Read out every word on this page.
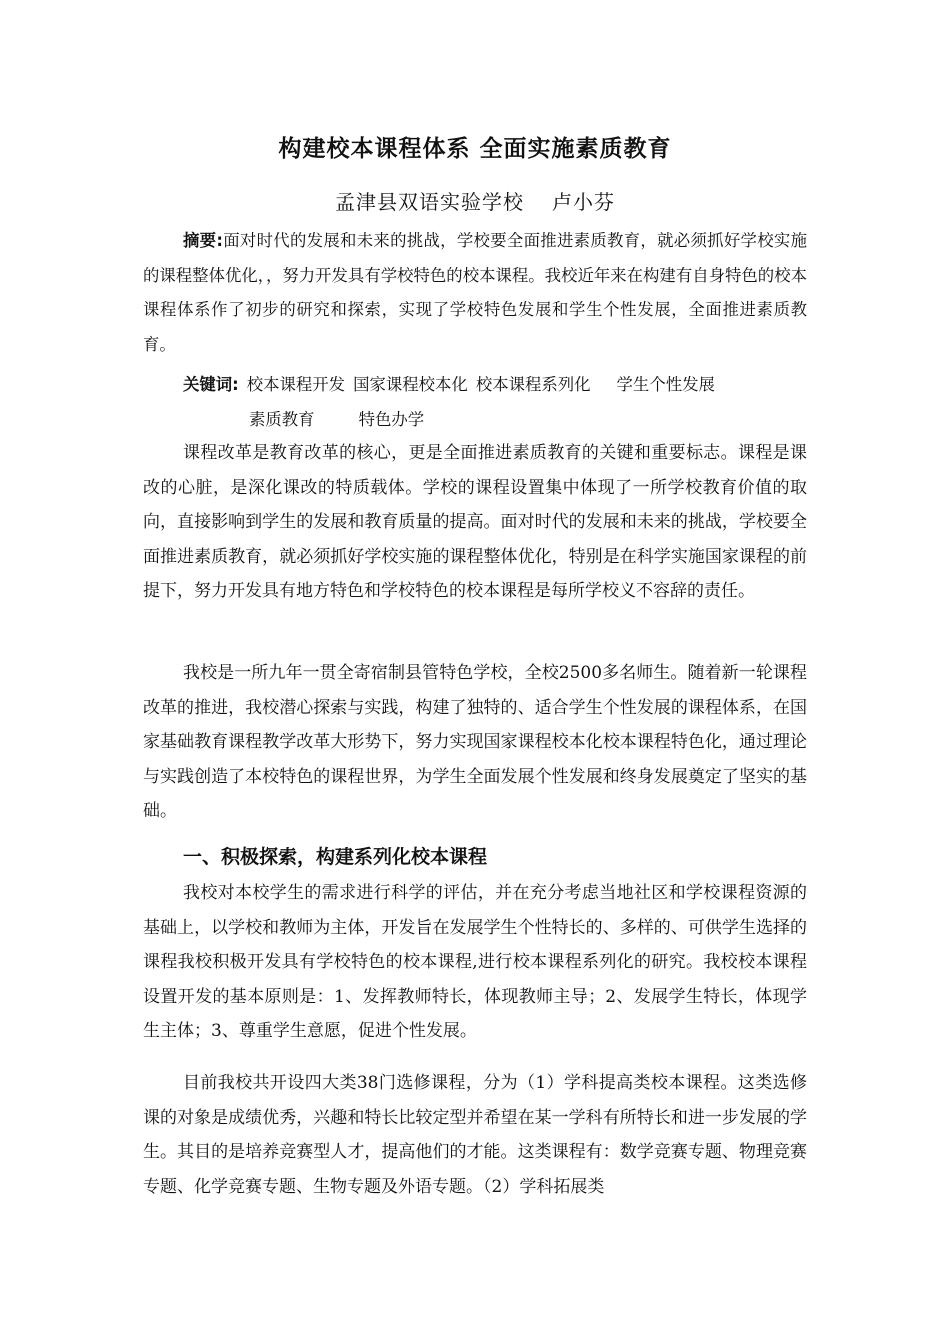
构建校本课程体系 全面实施素质教育
孟津县双语实验学校 卢小芬
摘要:面对时代的发展和未来的挑战，学校要全面推进素质教育，就必须抓好学校实施的课程整体优化，，努力开发具有学校特色的校本课程。我校近年来在构建有自身特色的校本课程体系作了初步的研究和探索，实现了学校特色发展和学生个性发展，全面推进素质教育。
关键词: 校本课程开发 国家课程校本化 校本课程系列化 学生个性发展
素质教育	特色办学

课程改革是教育改革的核心，更是全面推进素质教育的关键和重要标志。课程是课改的心脏，是深化课改的特质载体。学校的课程设置集中体现了一所学校教育价值的取向，直接影响到学生的发展和教育质量的提高。面对时代的发展和未来的挑战，学校要全面推进素质教育，就必须抓好学校实施的课程整体优化，特别是在科学实施国家课程的前提下，努力开发具有地方特色和学校特色的校本课程是每所学校义不容辞的责任。

我校是一所九年一贯全寄宿制县管特色学校，全校2500多名师生。随着新一轮课程改革的推进，我校潜心探索与实践，构建了独特的、适合学生个性发展的课程体系，在国家基础教育课程教学改革大形势下，努力实现国家课程校本化校本课程特色化，通过理论与实践创造了本校特色的课程世界，为学生全面发展个性发展和终身发展奠定了坚实的基础。

一、积极探索，构建系列化校本课程

我校对本校学生的需求进行科学的评估，并在充分考虑当地社区和学校课程资源的基础上，以学校和教师为主体，开发旨在发展学生个性特长的、多样的、可供学生选择的课程我校积极开发具有学校特色的校本课程,进行校本课程系列化的研究。我校校本课程设置开发的基本原则是：1、发挥教师特长，体现教师主导；2、发展学生特长，体现学生主体；3、尊重学生意愿，促进个性发展。

目前我校共开设四大类38门选修课程，分为（1）学科提高类校本课程。这类选修课的对象是成绩优秀，兴趣和特长比较定型并希望在某一学科有所特长和进一步发展的学生。其目的是培养竞赛型人才，提高他们的才能。这类课程有：数学竞赛专题、物理竞赛专题、化学竞赛专题、生物专题及外语专题。（2）学科拓展类
